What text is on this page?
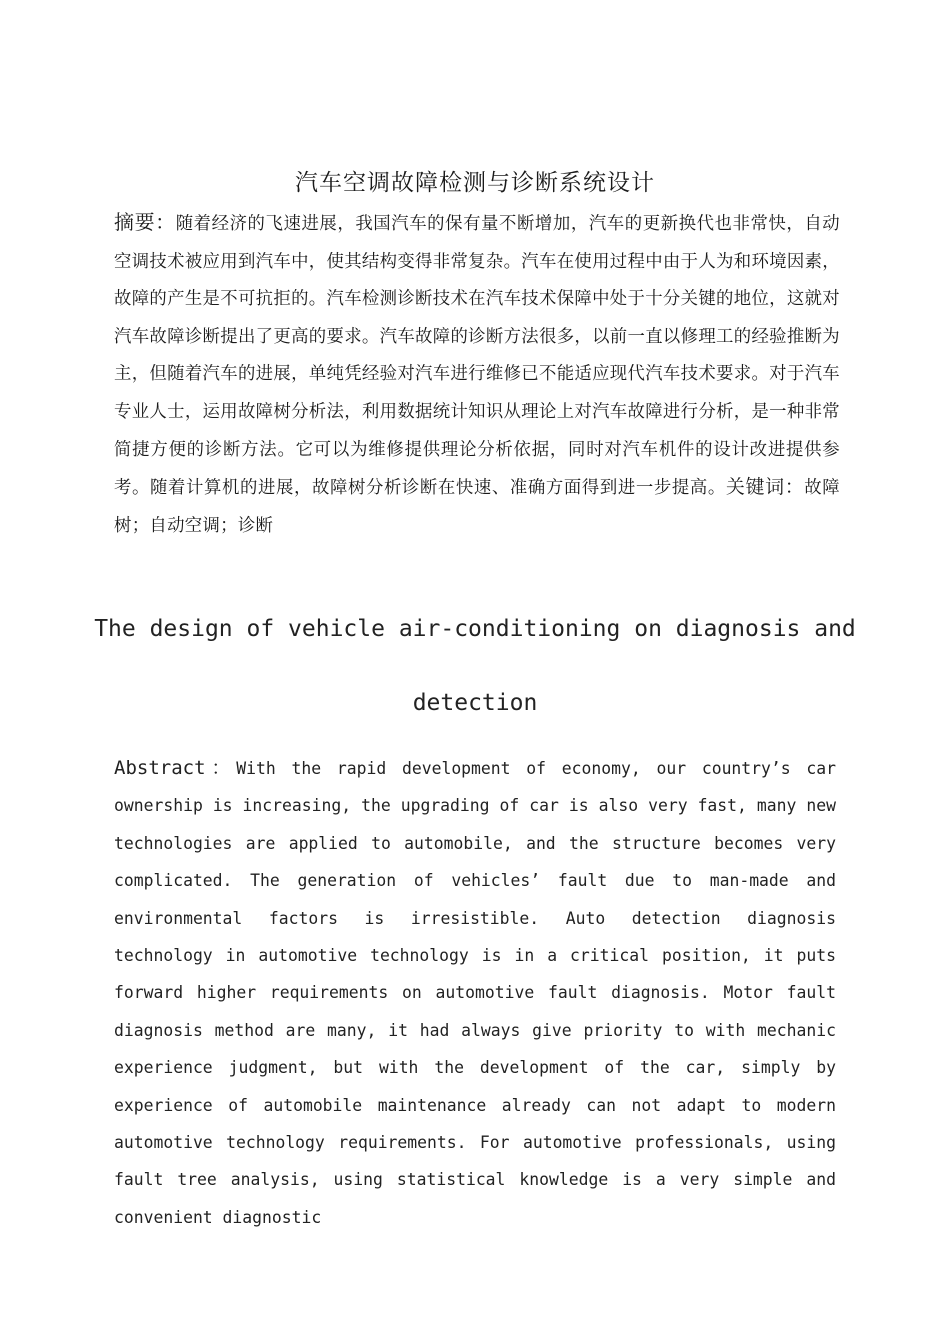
汽车空调故障检测与诊断系统设计
摘要：随着经济的飞速进展，我国汽车的保有量不断增加，汽车的更新换代也非常快，自动空调技术被应用到汽车中，使其结构变得非常复杂。汽车在使用过程中由于人为和环境因素，故障的产生是不可抗拒的。汽车检测诊断技术在汽车技术保障中处于十分关键的地位，这就对汽车故障诊断提出了更高的要求。汽车故障的诊断方法很多，以前一直以修理工的经验推断为主，但随着汽车的进展，单纯凭经验对汽车进行维修已不能适应现代汽车技术要求。对于汽车专业人士，运用故障树分析法，利用数据统计知识从理论上对汽车故障进行分析，是一种非常简捷方便的诊断方法。它可以为维修提供理论分析依据，同时对汽车机件的设计改进提供参考。随着计算机的进展，故障树分析诊断在快速、准确方面得到进一步提高。关键词：故障树；自动空调；诊断
The design of vehicle air-conditioning on diagnosis and
detection
Abstract：With the rapid development of economy, our country’s car ownership is increasing, the upgrading of car is also very fast, many new technologies are applied to automobile, and the structure becomes very complicated. The generation of vehicles’ fault due to man-made and environmental factors is irresistible. Auto detection diagnosis technology in automotive technology is in a critical position, it puts forward higher requirements on automotive fault diagnosis. Motor fault diagnosis method are many, it had always give priority to with mechanic experience judgment, but with the development of the car, simply by experience of automobile maintenance already can not adapt to modern automotive technology requirements. For automotive professionals, using fault tree analysis, using statistical knowledge is a very simple and convenient diagnostic
